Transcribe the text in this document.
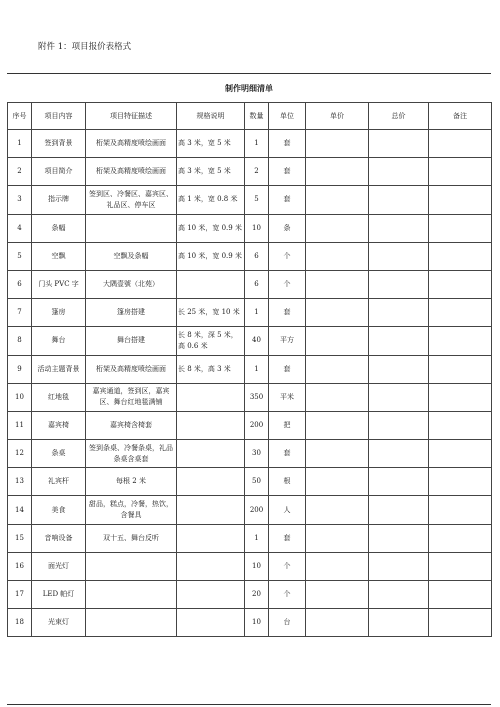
附件 1：项目报价表格式
制作明细清单
序号	项目内容	项目特征描述	规格说明	数量	单位	单价	总价	备注
1	签到背景	桁架及高精度喷绘画面	高 3 米，宽 5 米	1	套			
2	项目简介	桁架及高精度喷绘画面	高 3 米，宽 5 米	2	套			
3	指示牌	签到区、冷餐区、嘉宾区、礼品区、停车区	高 1 米，宽 0.8 米	5	套			
4	条幅		高 10 米，宽 0.9 米	10	条			
5	空飘	空飘及条幅	高 10 米，宽 0.9 米	6	个			
6	门头 PVC 字	大隅壹號（北苑）		6	个			
7	篷房	篷房搭建	长 25 米，宽 10 米	1	套			
8	舞台	舞台搭建	长 8 米，深 5 米，高 0.6 米	40	平方			
9	活动主题背景	桁架及高精度喷绘画面	长 8 米，高 3 米	1	套			
10	红地毯	嘉宾通道，签到区，嘉宾区、舞台红地毯满铺		350	平米			
11	嘉宾椅	嘉宾椅含椅套		200	把			
12	条桌	签到条桌、冷餐条桌，礼品条桌含桌套		30	套			
13	礼宾杆	每根 2 米		50	根			
14	美食	甜品，糕点，冷餐，热饮，含餐具		200	人			
15	音响设备	双十五、舞台反听		1	套			
16	面光灯			10	个			
17	LED 帕灯			20	个			
18	光束灯			10	台			
安
徽
投
建
筑 工 程
有
限
公
司
